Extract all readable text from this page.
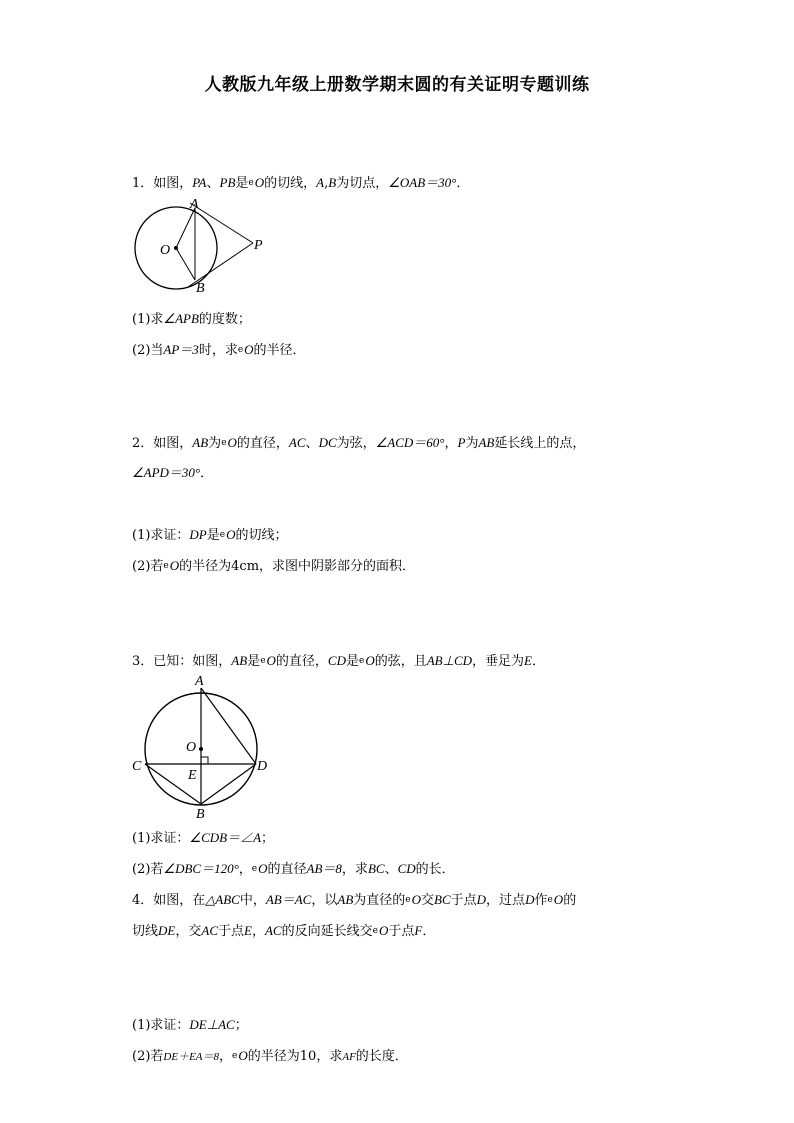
人教版九年级上册数学期末圆的有关证明专题训练
1．如图，PA、PB是eO的切线，A,B为切点，∠OAB＝30°．
A
O	P
B
(1)求∠APB的度数；
(2)当AP＝3时，求eO的半径．
2．如图，AB为eO的直径，AC、DC为弦，∠ACD＝60°，P为AB延长线上的点，
∠APD＝30°．
(1)求证：DP是eO的切线；
(2)若eO的半径为4cm，求图中阴影部分的面积．
3．已知：如图，AB是eO的直径，CD是eO的弦，且AB⊥CD，垂足为E．
A
O
C
E
D
B
(1)求证：∠CDB＝∠A；
(2)若∠DBC＝120°，eO的直径AB＝8，求BC、CD的长．
4．如图，在△ABC中，AB＝AC，以AB为直径的eO交BC于点D，过点D作eO的
切线DE，交AC于点E，AC的反向延长线交eO于点F．
(1)求证：DE⊥AC；
(2)若DE＋EA＝8，eO的半径为10，求AF的长度．
